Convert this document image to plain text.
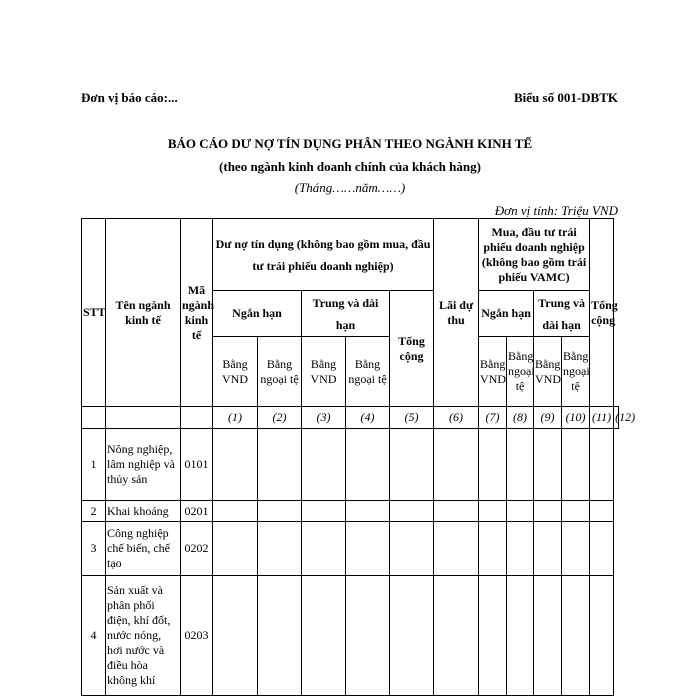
Đơn vị báo cáo:...	Biểu số 001-DBTK
BÁO CÁO DƯ NỢ TÍN DỤNG PHÂN THEO NGÀNH KINH TẾ
(theo ngành kinh doanh chính của khách hàng)
(Tháng……năm……)
Đơn vị tính: Triệu VND
STT	Tên ngành kinh tế	Mã ngành kinh tế	Dư nợ tín dụng (không bao gồm mua, đầu tư trái phiếu doanh nghiệp)					Lãi dự thu	Mua, đầu tư trái phiếu doanh nghiệp (không bao gồm trái phiếu VAMC)				Tổng cộng	
			Ngắn hạn		Trung và dài hạn		Tổng cộng		Ngắn hạn		Trung và dài hạn			
			Bằng VND	Bằng ngoại tệ	Bằng VND	Bằng ngoại tệ			Bằng VND	Bằng ngoại tệ	Bằng VND	Bằng ngoại tệ		
			(1)	(2)	(3)	(4)	(5)	(6)	(7)	(8)	(9)	(10)	(11)	(12)
1	Nông nghiệp, lâm nghiệp và thủy sản	0101												
2	Khai khoáng	0201												
3	Công nghiệp chế biến, chế tạo	0202												
4	Sản xuất và phân phối điện, khí đốt, nước nóng, hơi nước và điều hòa không khí	0203												
